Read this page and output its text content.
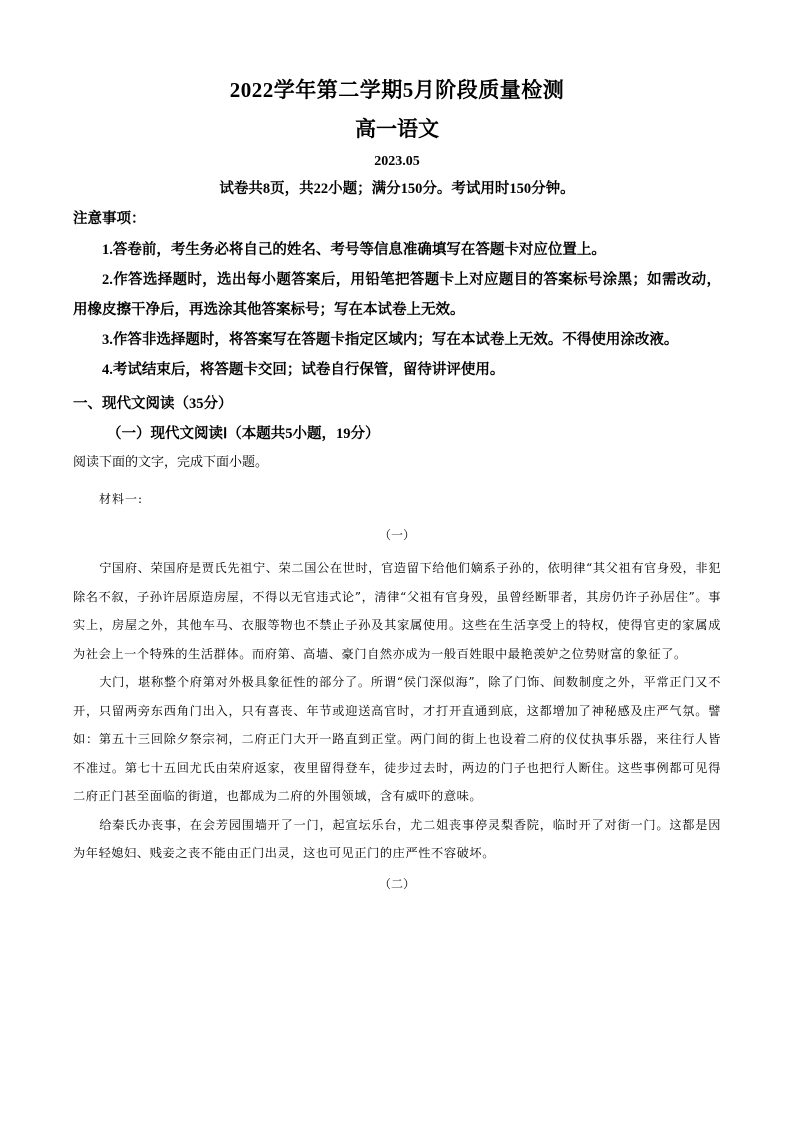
2022学年第二学期5月阶段质量检测
高一语文
2023.05
试卷共8页，共22小题；满分150分。考试用时150分钟。
注意事项：

1.答卷前，考生务必将自己的姓名、考号等信息准确填写在答题卡对应位置上。

2.作答选择题时，选出每小题答案后，用铅笔把答题卡上对应题目的答案标号涂黑；如需改动，用橡皮擦干净后，再选涂其他答案标号；写在本试卷上无效。

3.作答非选择题时，将答案写在答题卡指定区域内；写在本试卷上无效。不得使用涂改液。

4.考试结束后，将答题卡交回；试卷自行保管，留待讲评使用。

一、现代文阅读（35分）
（一）现代文阅读Ⅰ（本题共5小题，19分）
阅读下面的文字，完成下面小题。
材料一:
（一）

宁国府、荣国府是贾氏先祖宁、荣二国公在世时，官造留下给他们嫡系子孙的，依明律“其父祖有官身殁，非犯除名不叙，子孙许居原造房屋，不得以无官违式论”，清律“父祖有官身殁，虽曾经断罪者，其房仍许子孙居住”。事实上，房屋之外，其他车马、衣服等物也不禁止子孙及其家属使用。这些在生活享受上的特权，使得官吏的家属成为社会上一个特殊的生活群体。而府第、高墙、豪门自然亦成为一般百姓眼中最艳羡妒之位势财富的象征了。

大门，堪称整个府第对外极具象征性的部分了。所谓“侯门深似海”，除了门饰、间数制度之外，平常正门又不开，只留两旁东西角门出入，只有喜丧、年节或迎送高官时，才打开直通到底，这都增加了神秘感及庄严气氛。譬如：第五十三回除夕祭宗祠，二府正门大开一路直到正堂。两门间的街上也设着二府的仪仗执事乐器，来往行人皆不准过。第七十五回尤氏由荣府返家，夜里留得登车，徒步过去时，两边的门子也把行人断住。这些事例都可见得二府正门甚至面临的街道，也都成为二府的外围领域，含有威吓的意味。

给秦氏办丧事，在会芳园围墙开了一门，起宣坛乐台，尤二姐丧事停灵梨香院，临时开了对街一门。这都是因为年轻媳妇、贱妾之丧不能由正门出灵，这也可见正门的庄严性不容破坏。

（二）
